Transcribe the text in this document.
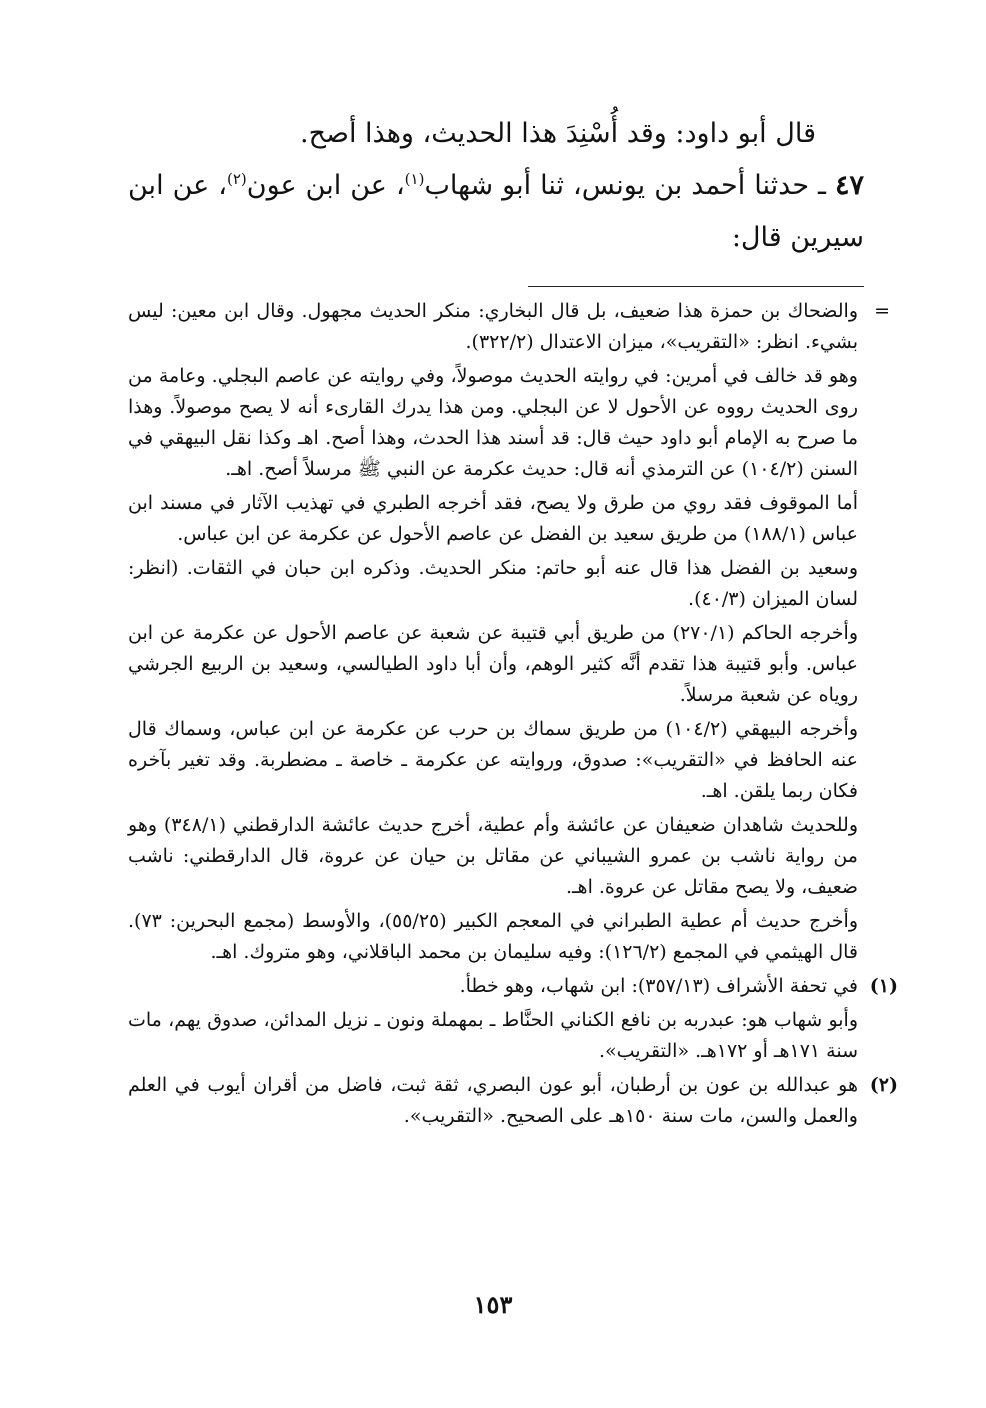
قال أبو داود: وقد أُسْنِدَ هذا الحديث، وهذا أصح.

٤٧ ـ حدثنا أحمد بن يونس، ثنا أبو شهاب$^{(١)}$، عن ابن عون$^{(٢)}$، عن ابن سيرين قال:

=
والضحاك بن حمزة هذا ضعيف، بل قال البخاري: منكر الحديث مجهول. وقال ابن معين: ليس بشيء. انظر: «التقريب»، ميزان الاعتدال (٣٢٢/٢).

وهو قد خالف في أمرين: في روايته الحديث موصولاً، وفي روايته عن عاصم البجلي. وعامة من روى الحديث رووه عن الأحول لا عن البجلي. ومن هذا يدرك القارىء أنه لا يصح موصولاً. وهذا ما صرح به الإمام أبو داود حيث قال: قد أسند هذا الحدث، وهذا أصح. اهـ وكذا نقل البيهقي في السنن (١٠٤/٢) عن الترمذي أنه قال: حديث عكرمة عن النبي ﷺ مرسلاً أصح. اهـ.

أما الموقوف فقد روي من طرق ولا يصح، فقد أخرجه الطبري في تهذيب الآثار في مسند ابن عباس (١٨٨/١) من طريق سعيد بن الفضل عن عاصم الأحول عن عكرمة عن ابن عباس.

وسعيد بن الفضل هذا قال عنه أبو حاتم: منكر الحديث. وذكره ابن حبان في الثقات. (انظر: لسان الميزان (٤٠/٣).

وأخرجه الحاكم (٢٧٠/١) من طريق أبي قتيبة عن شعبة عن عاصم الأحول عن عكرمة عن ابن عباس. وأبو قتيبة هذا تقدم أنَّه كثير الوهم، وأن أبا داود الطيالسي، وسعيد بن الربيع الجرشي روياه عن شعبة مرسلاً.

وأخرجه البيهقي (١٠٤/٢) من طريق سماك بن حرب عن عكرمة عن ابن عباس، وسماك قال عنه الحافظ في «التقريب»: صدوق، وروايته عن عكرمة ـ خاصة ـ مضطربة. وقد تغير بآخره فكان ربما يلقن. اهـ.

وللحديث شاهدان ضعيفان عن عائشة وأم عطية، أخرج حديث عائشة الدارقطني (٣٤٨/١) وهو من رواية ناشب بن عمرو الشيباني عن مقاتل بن حيان عن عروة، قال الدارقطني: ناشب ضعيف، ولا يصح مقاتل عن عروة. اهـ.

وأخرج حديث أم عطية الطبراني في المعجم الكبير (٥٥/٢٥)، والأوسط (مجمع البحرين: ٧٣). قال الهيثمي في المجمع (١٢٦/٢): وفيه سليمان بن محمد الباقلاني، وهو متروك. اهـ.

(١)
في تحفة الأشراف (٣٥٧/١٣): ابن شهاب، وهو خطأ.

وأبو شهاب هو: عبدربه بن نافع الكناني الحنَّاط ـ بمهملة ونون ـ نزيل المدائن، صدوق يهم، مات سنة ١٧١هـ أو ١٧٢هـ. «التقريب».

(٢)
هو عبدالله بن عون بن أرطبان، أبو عون البصري، ثقة ثبت، فاضل من أقران أيوب في العلم والعمل والسن، مات سنة ١٥٠هـ على الصحيح. «التقريب».

١٥٣
